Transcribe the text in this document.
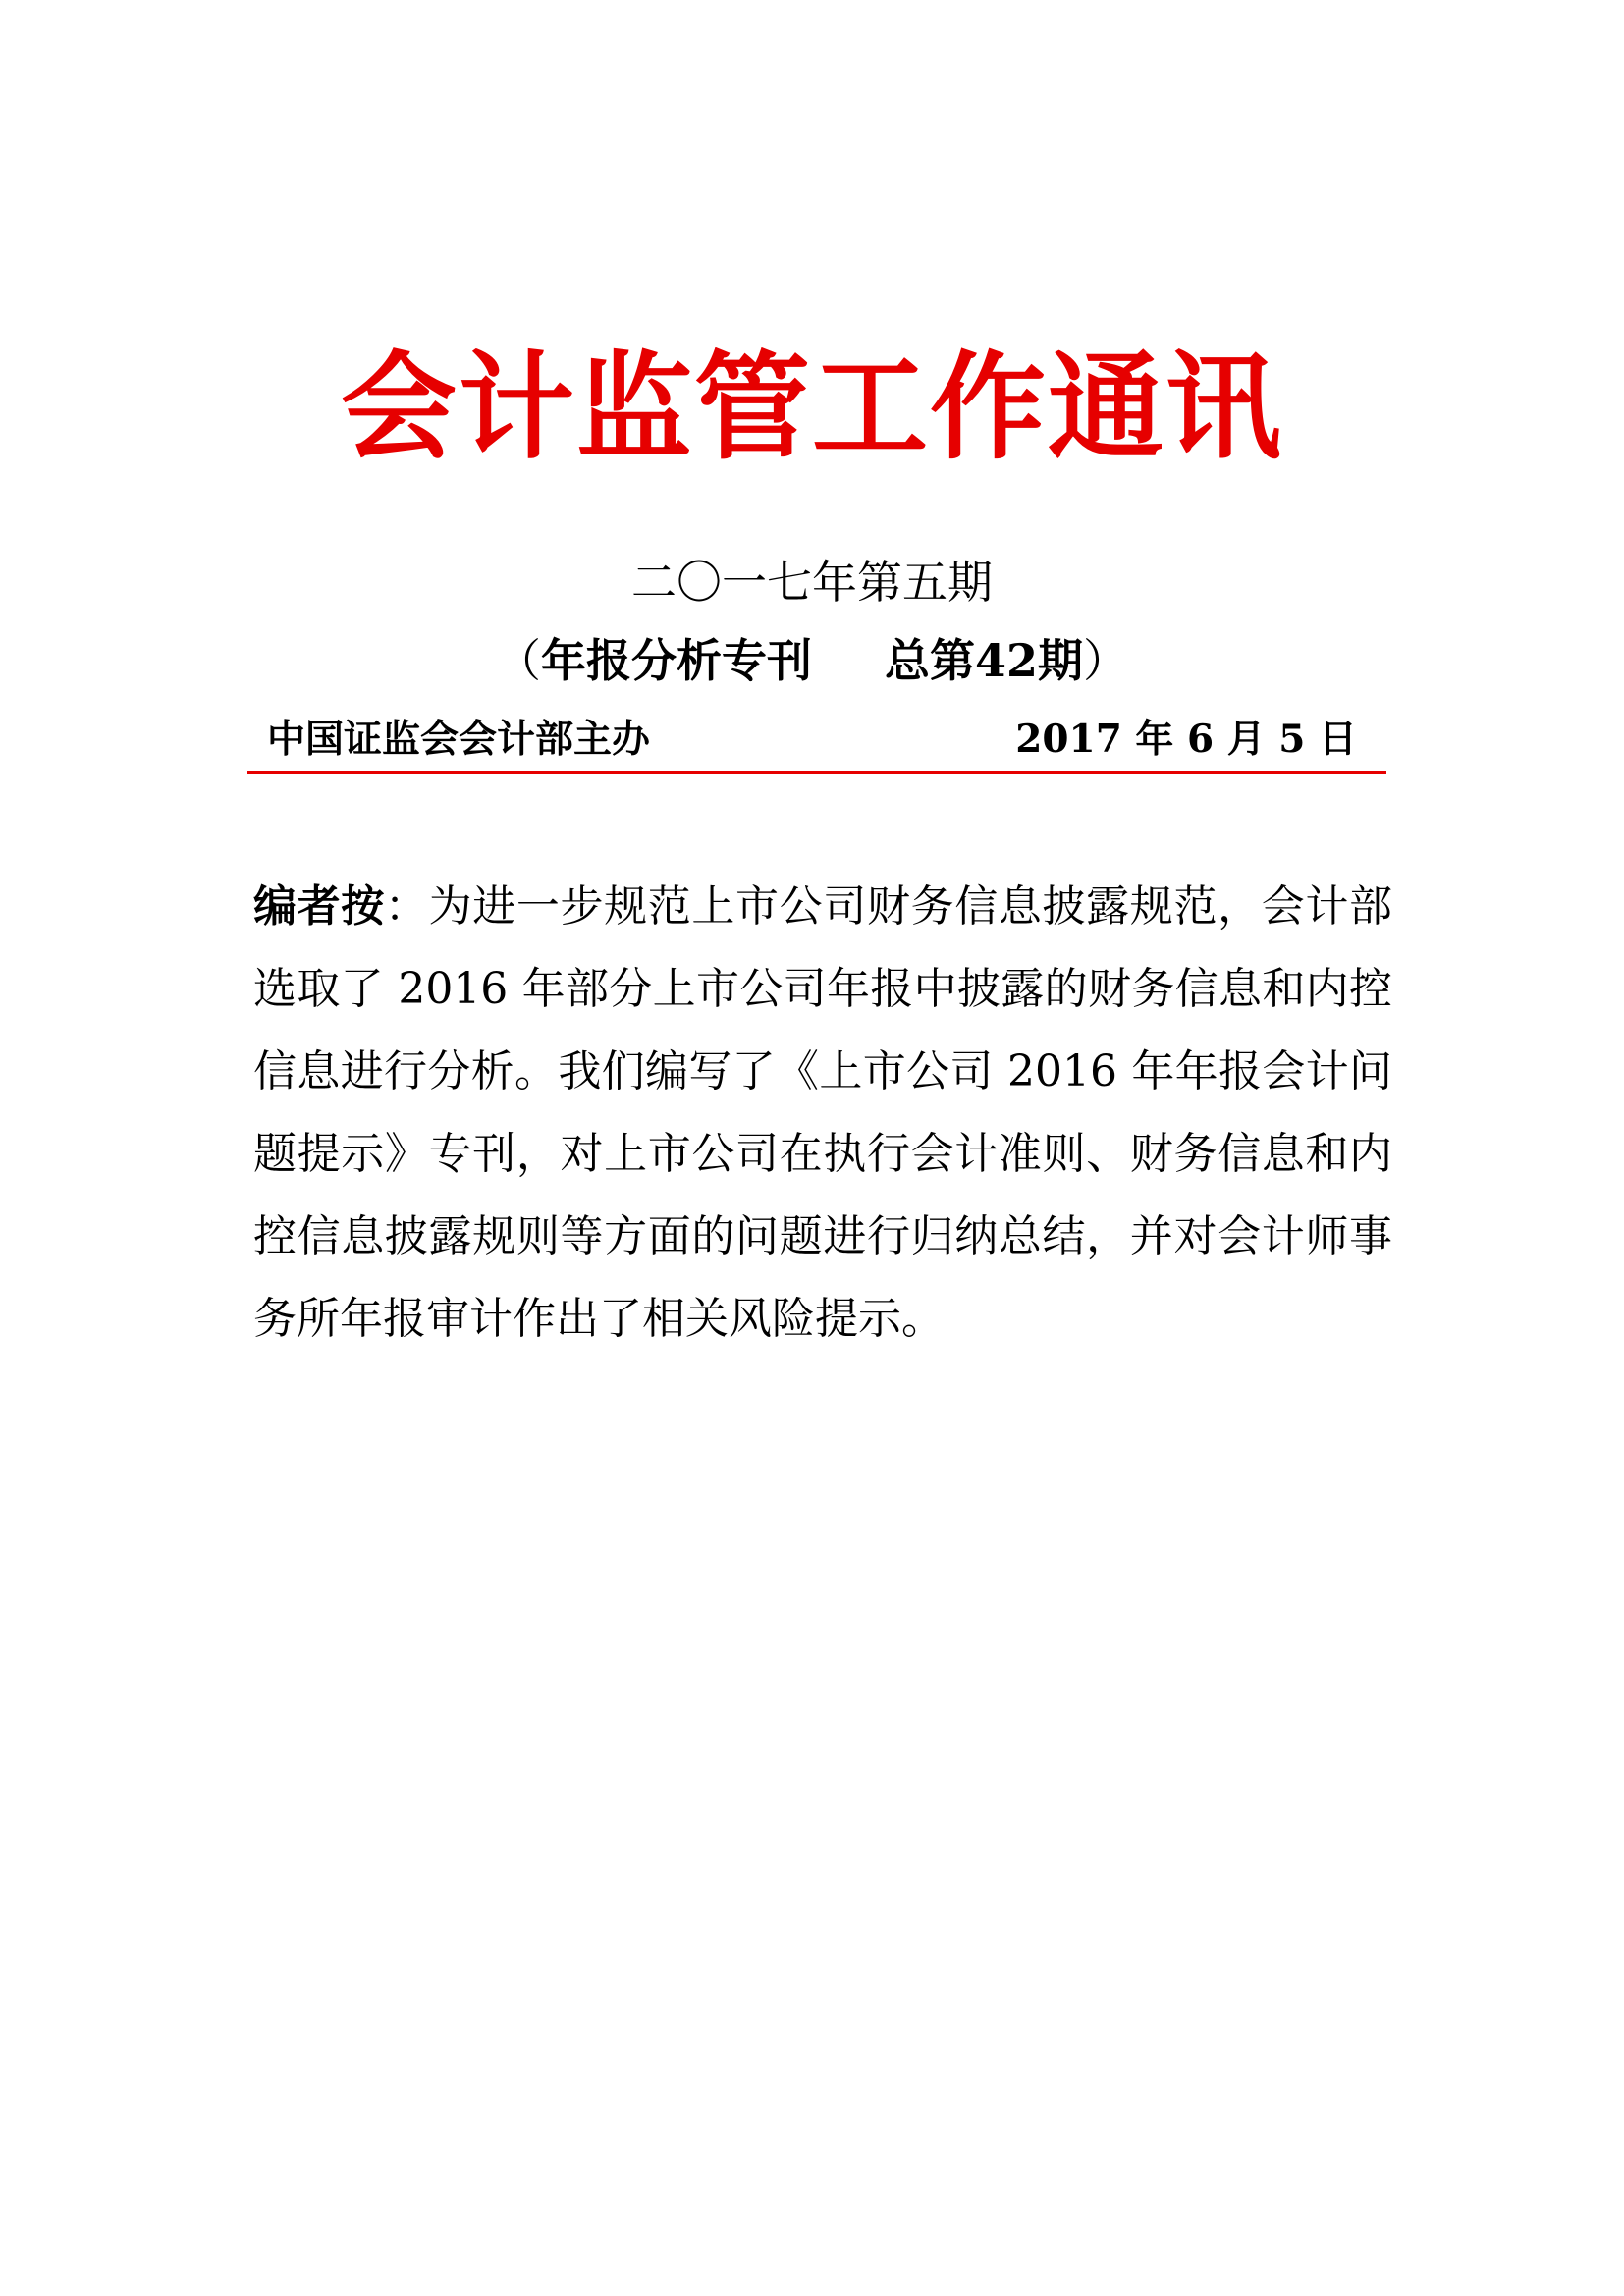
会计监管工作通讯
二〇一七年第五期
（年报分析专刊 总第42期）
中国证监会会计部主办	2017 年 6 月 5 日
编者按：为进一步规范上市公司财务信息披露规范，会计部选取了 2016 年部分上市公司年报中披露的财务信息和内控信息进行分析。我们编写了《上市公司 2016 年年报会计问题提示》专刊，对上市公司在执行会计准则、财务信息和内控信息披露规则等方面的问题进行归纳总结，并对会计师事务所年报审计作出了相关风险提示。
